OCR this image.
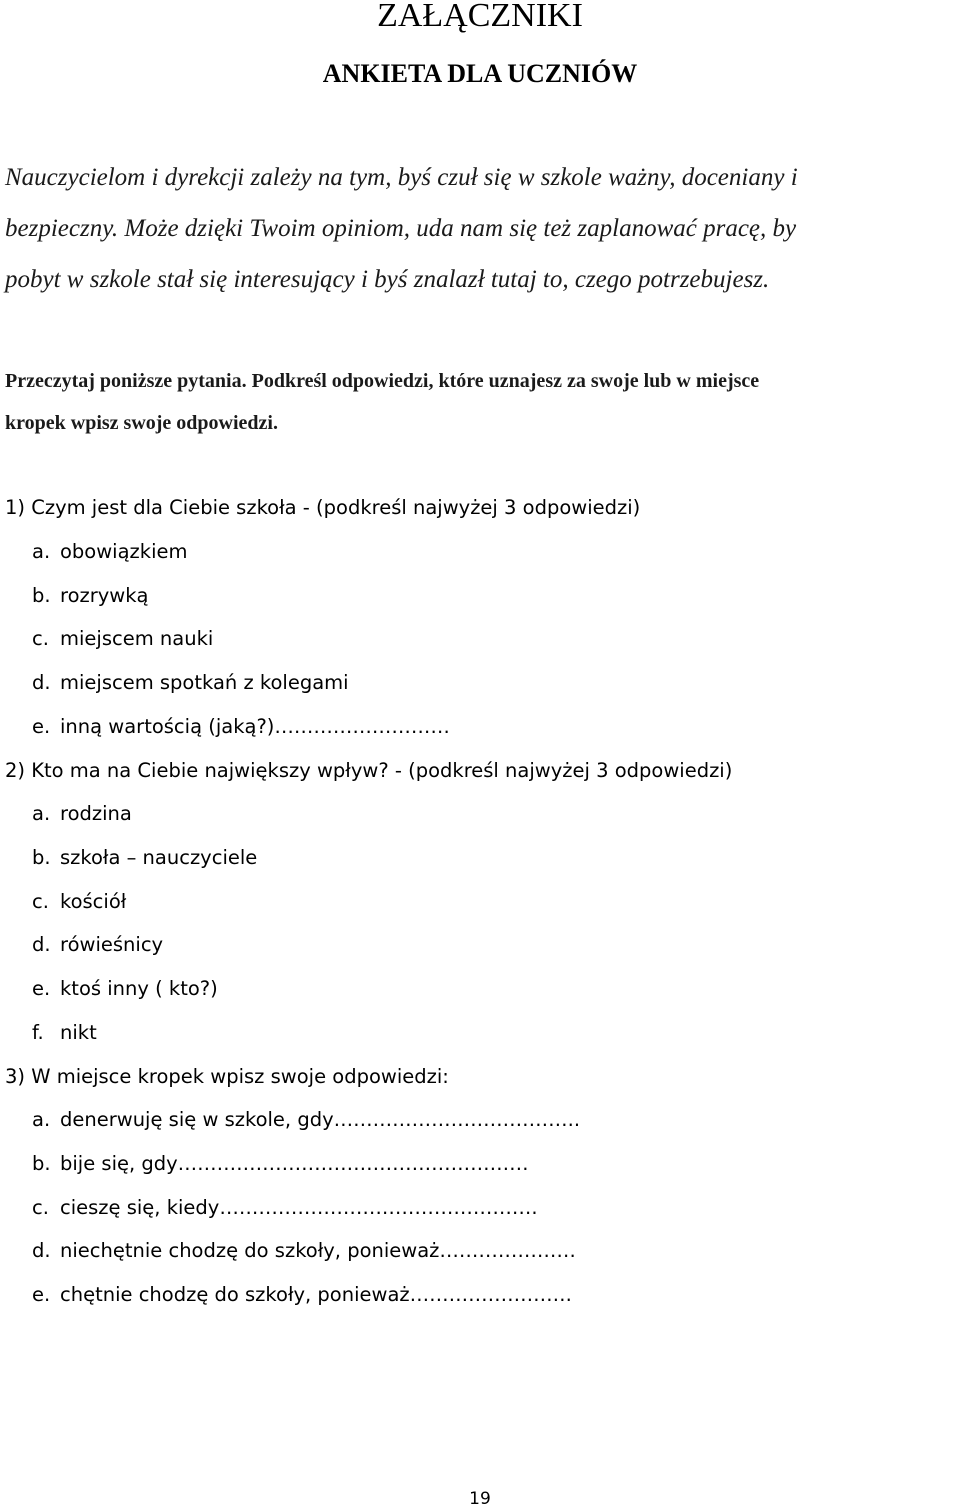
ZAŁĄCZNIKI
ANKIETA DLA UCZNIÓW
Nauczycielom i dyrekcji zależy na tym, byś czuł się w szkole ważny, doceniany i
bezpieczny. Może dzięki Twoim opiniom, uda nam się też zaplanować pracę, by
pobyt w szkole stał się interesujący i byś znalazł tutaj to, czego potrzebujesz.
Przeczytaj poniższe pytania. Podkreśl odpowiedzi, które uznajesz za swoje lub w miejsce
kropek wpisz swoje odpowiedzi.
1) Czym jest dla Ciebie szkoła - (podkreśl najwyżej 3 odpowiedzi)
a. obowiązkiem
b. rozrywką
c. miejscem nauki
d. miejscem spotkań z kolegami
e. inną wartością (jaką?)………………………
2) Kto ma na Ciebie największy wpływ? - (podkreśl najwyżej 3 odpowiedzi)
a. rodzina
b. szkoła – nauczyciele
c. kościół
d. rówieśnicy
e. ktoś inny ( kto?)
f. nikt
3) W miejsce kropek wpisz swoje odpowiedzi:
a. denerwuję się w szkole, gdy………………………………..
b. bije się, gdy………………………………………………
c. cieszę się, kiedy………………………………………….
d. niechętnie chodzę do szkoły, ponieważ…………………
e. chętnie chodzę do szkoły, ponieważ…………………….
19
